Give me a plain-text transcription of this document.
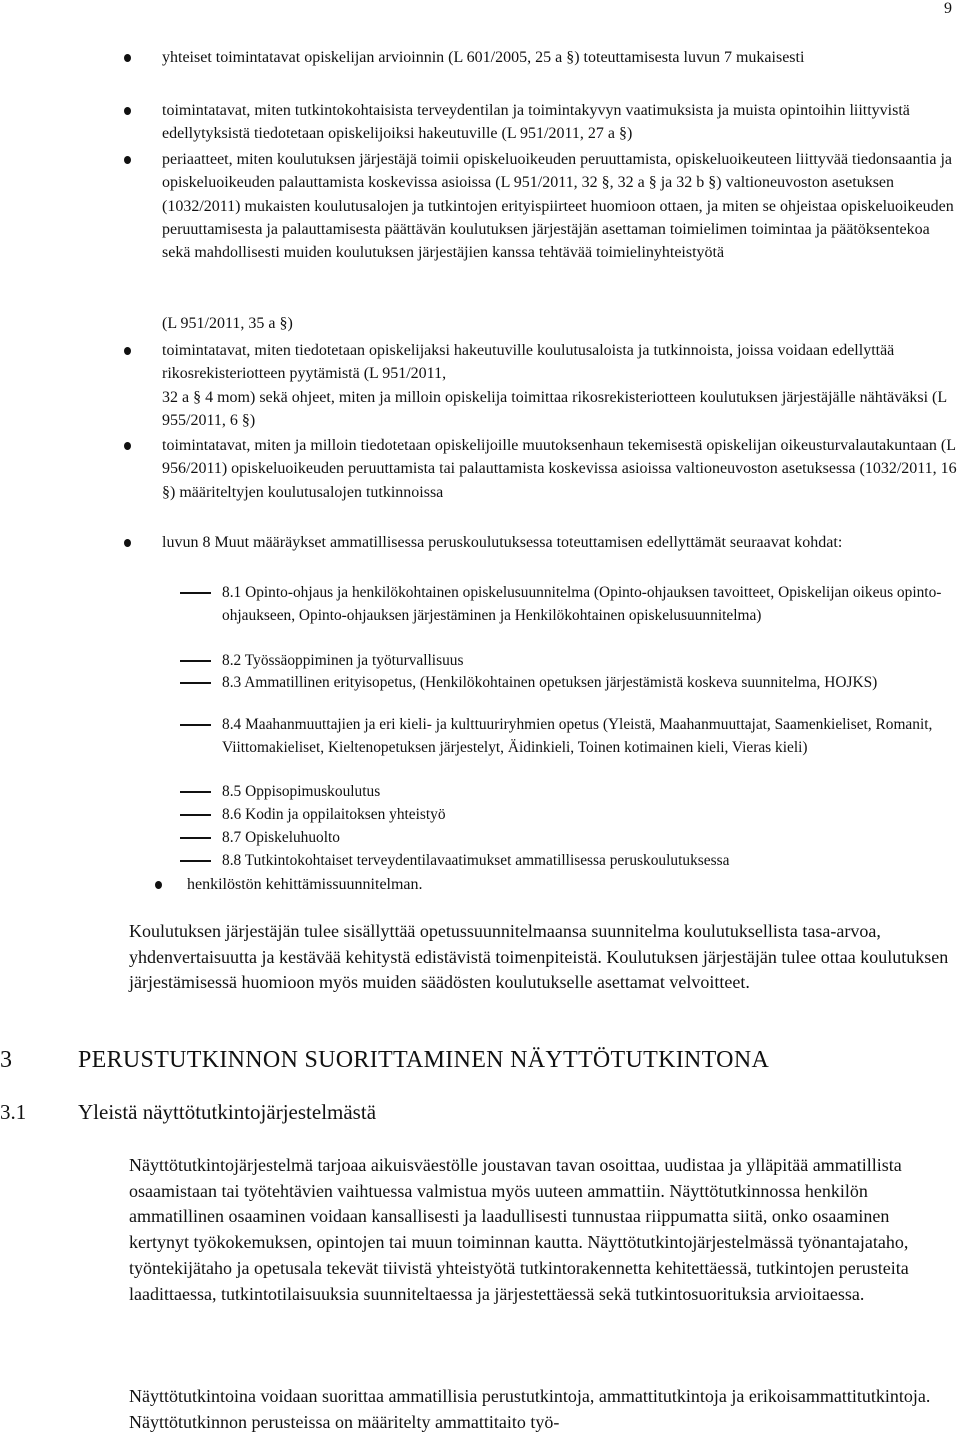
9
yhteiset toimintatavat opiskelijan arvioinnin (L 601/2005, 25 a §) toteuttamisesta luvun 7 mukaisesti
toimintatavat, miten tutkintokohtaisista terveydentilan ja toimintakyvyn vaatimuksista ja muista opintoihin liittyvistä edellytyksistä tiedotetaan opiskelijoiksi hakeutuville (L 951/2011, 27 a §)
periaatteet, miten koulutuksen järjestäjä toimii opiskeluoikeuden peruuttamista, opiskeluoikeuteen liittyvää tiedonsaantia ja opiskeluoikeuden palauttamista koskevissa asioissa (L 951/2011, 32 §, 32 a § ja 32 b §) valtioneuvoston asetuksen (1032/2011) mukaisten koulutusalojen ja tutkintojen erityispiirteet huomioon ottaen, ja miten se ohjeistaa opiskeluoikeuden peruuttamisesta ja palauttamisesta päättävän koulutuksen järjestäjän asettaman toimielimen toimintaa ja päätöksentekoa sekä mahdollisesti muiden koulutuksen järjestäjien kanssa tehtävää toimielinyhteistyötä
(L 951/2011, 35 a §)
toimintatavat, miten tiedotetaan opiskelijaksi hakeutuville koulutusaloista ja tutkinnoista, joissa voidaan edellyttää rikosrekisteriotteen pyytämistä (L 951/2011,
32 a § 4 mom) sekä ohjeet, miten ja milloin opiskelija toimittaa rikosrekisteriotteen koulutuksen järjestäjälle nähtäväksi (L 955/2011, 6 §)
toimintatavat, miten ja milloin tiedotetaan opiskelijoille muutoksenhaun tekemisestä opiskelijan oikeusturvalautakuntaan (L 956/2011) opiskeluoikeuden peruuttamista tai palauttamista koskevissa asioissa valtioneuvoston asetuksessa (1032/2011, 16 §) määriteltyjen koulutusalojen tutkinnoissa
luvun 8 Muut määräykset ammatillisessa peruskoulutuksessa toteuttamisen edellyttämät seuraavat kohdat:
8.1 Opinto-ohjaus ja henkilökohtainen opiskelusuunnitelma (Opinto-ohjauksen tavoitteet, Opiskelijan oikeus opinto-ohjaukseen, Opinto-ohjauksen järjestäminen ja Henkilökohtainen opiskelusuunnitelma)
8.2 Työssäoppiminen ja työturvallisuus
8.3 Ammatillinen erityisopetus, (Henkilökohtainen opetuksen järjestämistä koskeva suunnitelma, HOJKS)
8.4 Maahanmuuttajien ja eri kieli- ja kulttuuriryhmien opetus (Yleistä, Maahanmuuttajat, Saamenkieliset, Romanit, Viittomakieliset, Kieltenopetuksen järjestelyt, Äidinkieli, Toinen kotimainen kieli, Vieras kieli)
8.5 Oppisopimuskoulutus
8.6 Kodin ja oppilaitoksen yhteistyö
8.7 Opiskeluhuolto
8.8 Tutkintokohtaiset terveydentilavaatimukset ammatillisessa peruskoulutuksessa
henkilöstön kehittämissuunnitelman.
Koulutuksen järjestäjän tulee sisällyttää opetussuunnitelmaansa suunnitelma koulutuksellista tasa-arvoa, yhdenvertaisuutta ja kestävää kehitystä edistävistä toimenpiteistä. Koulutuksen järjestäjän tulee ottaa koulutuksen järjestämisessä huomioon myös muiden säädösten koulutukselle asettamat velvoitteet.
3	PERUSTUTKINNON SUORITTAMINEN NÄYTTÖTUTKINTONA
3.1 Yleistä näyttötutkintojärjestelmästä
Näyttötutkintojärjestelmä tarjoaa aikuisväestölle joustavan tavan osoittaa, uudistaa ja ylläpitää ammatillista osaamistaan tai työtehtävien vaihtuessa valmistua myös uuteen ammattiin. Näyttötutkinnossa henkilön ammatillinen osaaminen voidaan kansallisesti ja laadullisesti tunnustaa riippumatta siitä, onko osaaminen kertynyt työkokemuksen, opintojen tai muun toiminnan kautta. Näyttötutkintojärjestelmässä työnantajataho, työntekijätaho ja opetusala tekevät tiivistä yhteistyötä tutkintorakennetta kehitettäessä, tutkintojen perusteita laadittaessa, tutkintotilaisuuksia suunniteltaessa ja järjestettäessä sekä tutkintosuorituksia arvioitaessa.
Näyttötutkintoina voidaan suorittaa ammatillisia perustutkintoja, ammattitutkintoja ja erikoisammattitutkintoja. Näyttötutkinnon perusteissa on määritelty ammattitaito työ-
